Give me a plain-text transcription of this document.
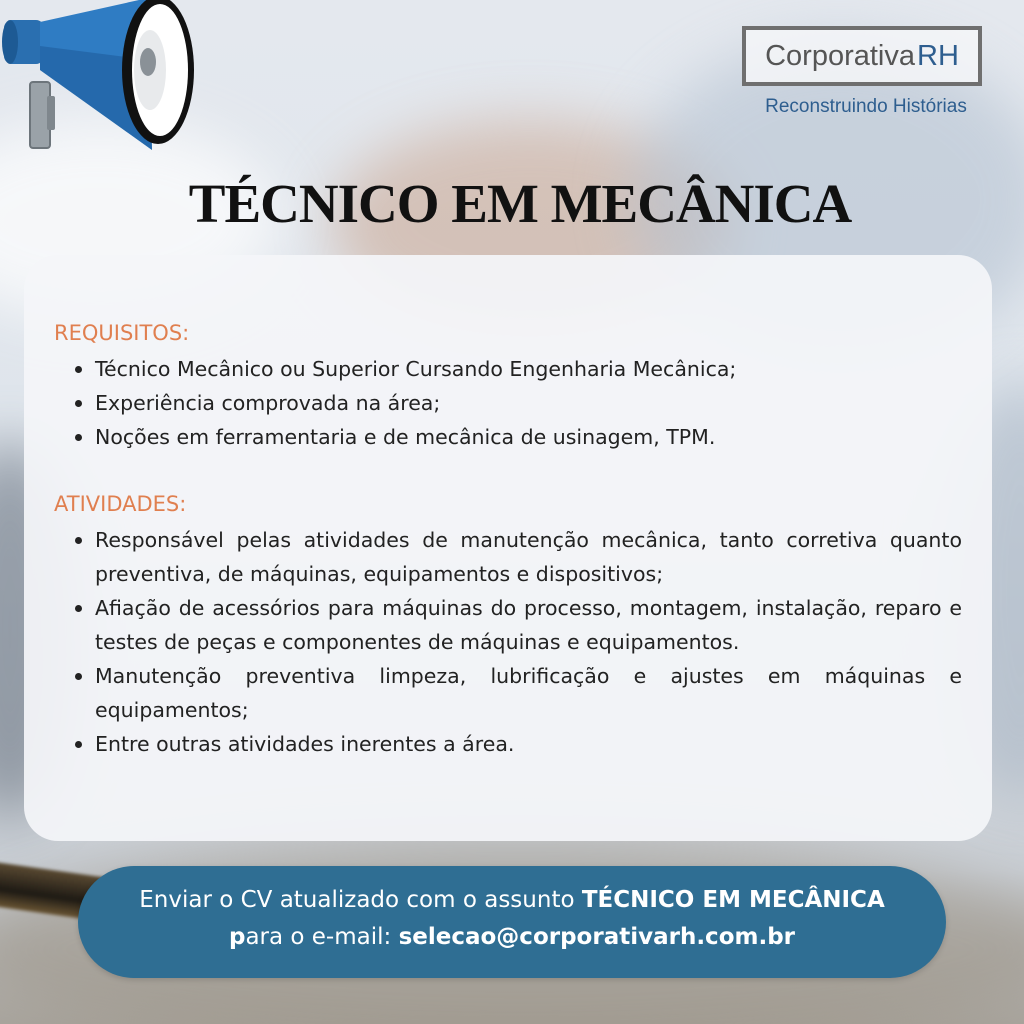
Corporativa RH
Reconstruindo Histórias
TÉCNICO EM MECÂNICA
REQUISITOS:
Técnico Mecânico ou Superior Cursando Engenharia Mecânica;
Experiência comprovada na área;
Noções em ferramentaria e de mecânica de usinagem, TPM.
ATIVIDADES:
Responsável pelas atividades de manutenção mecânica, tanto corretiva quanto preventiva, de máquinas, equipamentos e dispositivos;
Afiação de acessórios para máquinas do processo, montagem, instalação, reparo e testes de peças e componentes de máquinas e equipamentos.
Manutenção preventiva limpeza, lubrificação e ajustes em máquinas e equipamentos;
Entre outras atividades inerentes a área.
Enviar o CV atualizado com o assunto TÉCNICO EM MECÂNICA
para o e-mail: selecao@corporativarh.com.br
